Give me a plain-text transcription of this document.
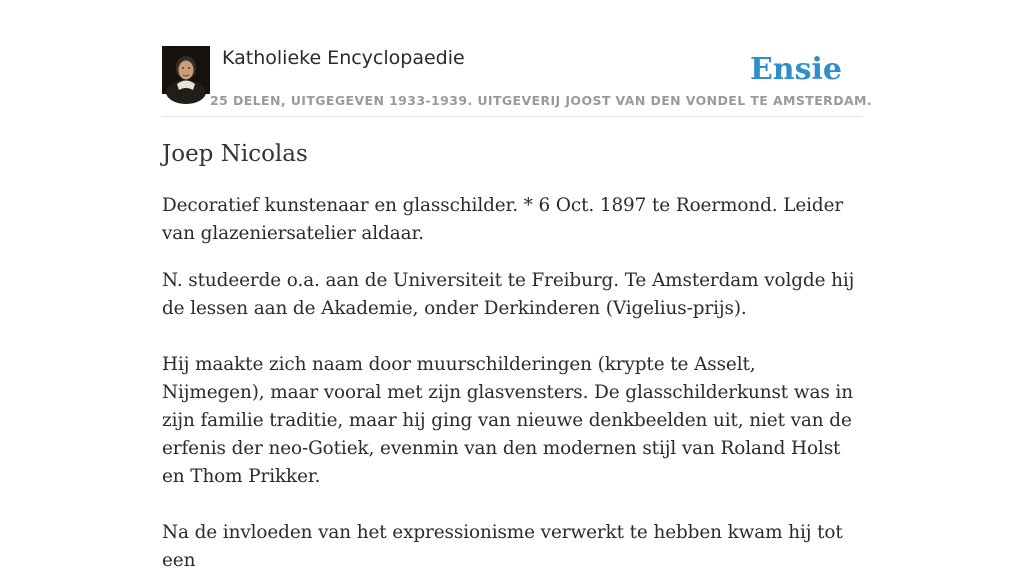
Katholieke Encyclopaedie
25 DELEN, UITGEGEVEN 1933-1939. UITGEVERIJ JOOST VAN DEN VONDEL TE AMSTERDAM.
Ensie
Joep Nicolas

Decoratief kunstenaar en glasschilder. * 6 Oct. 1897 te Roermond. Leider van glazeniersatelier aldaar.

N. studeerde o.a. aan de Universiteit te Freiburg. Te Amsterdam volgde hij de lessen aan de Akademie, onder Derkinderen (Vigelius-prijs).

Hij maakte zich naam door muurschilderingen (krypte te Asselt, Nijmegen), maar vooral met zijn glasvensters. De glasschilderkunst was in zijn familie traditie, maar hij ging van nieuwe denkbeelden uit, niet van de erfenis der neo-Gotiek, evenmin van den modernen stijl van Roland Holst en Thom Prikker.

Na de invloeden van het expressionisme verwerkt te hebben kwam hij tot een
